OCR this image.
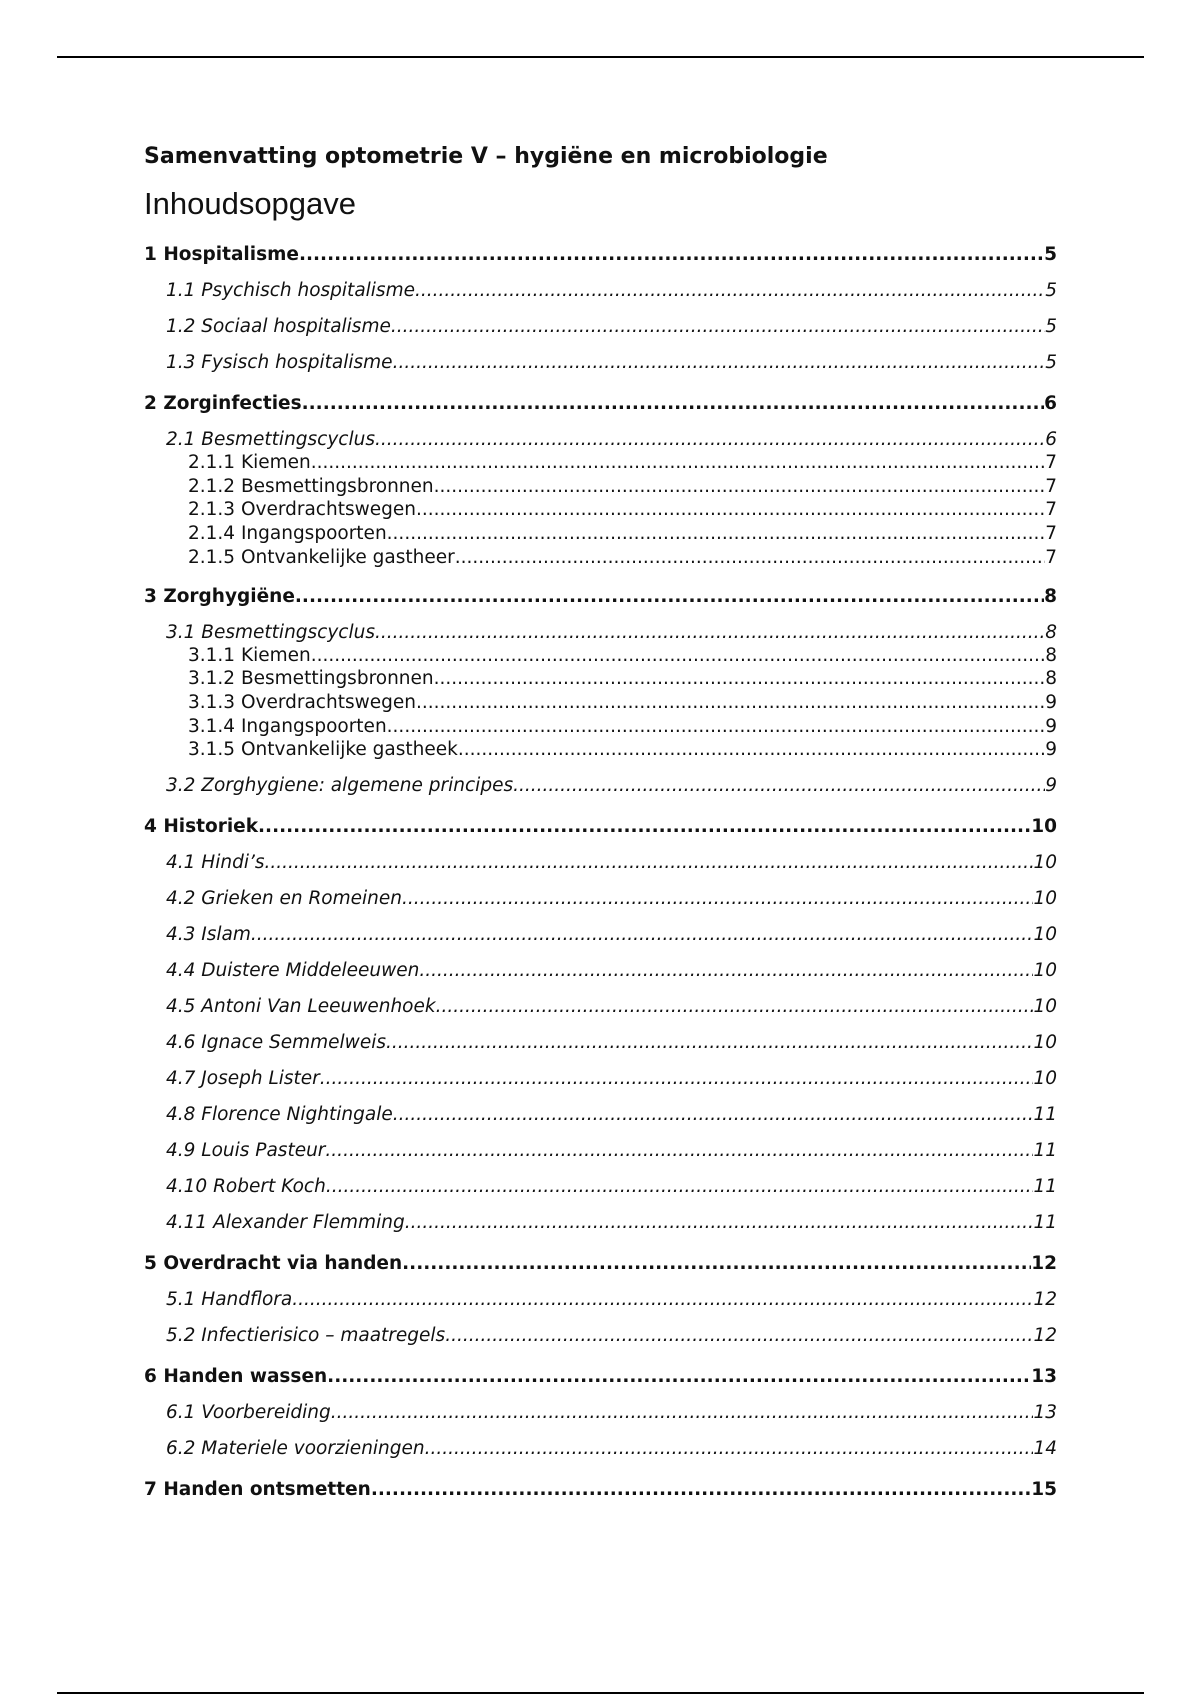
Samenvatting optometrie V – hygiëne en microbiologie
Inhoudsopgave
1 Hospitalisme .....	5
1.1 Psychisch hospitalisme .....	5
1.2 Sociaal hospitalisme .....	5
1.3 Fysisch hospitalisme .....	5
2 Zorginfecties .....	6
2.1 Besmettingscyclus .....	6
2.1.1 Kiemen .....	7
2.1.2 Besmettingsbronnen .....	7
2.1.3 Overdrachtswegen .....	7
2.1.4 Ingangspoorten .....	7
2.1.5 Ontvankelijke gastheer .....	7
3 Zorghygiëne .....	8
3.1 Besmettingscyclus .....	8
3.1.1 Kiemen .....	8
3.1.2 Besmettingsbronnen .....	8
3.1.3 Overdrachtswegen .....	9
3.1.4 Ingangspoorten .....	9
3.1.5 Ontvankelijke gastheek .....	9
3.2 Zorghygiene: algemene principes .....	9
4 Historiek .....	10
4.1 Hindi’s .....	10
4.2 Grieken en Romeinen .....	10
4.3 Islam .....	10
4.4 Duistere Middeleeuwen .....	10
4.5 Antoni Van Leeuwenhoek .....	10
4.6 Ignace Semmelweis .....	10
4.7 Joseph Lister .....	10
4.8 Florence Nightingale .....	11
4.9 Louis Pasteur .....	11
4.10 Robert Koch .....	11
4.11 Alexander Flemming .....	11
5 Overdracht via handen .....	12
5.1 Handflora .....	12
5.2 Infectierisico – maatregels .....	12
6 Handen wassen .....	13
6.1 Voorbereiding .....	13
6.2 Materiele voorzieningen .....	14
7 Handen ontsmetten .....	15
